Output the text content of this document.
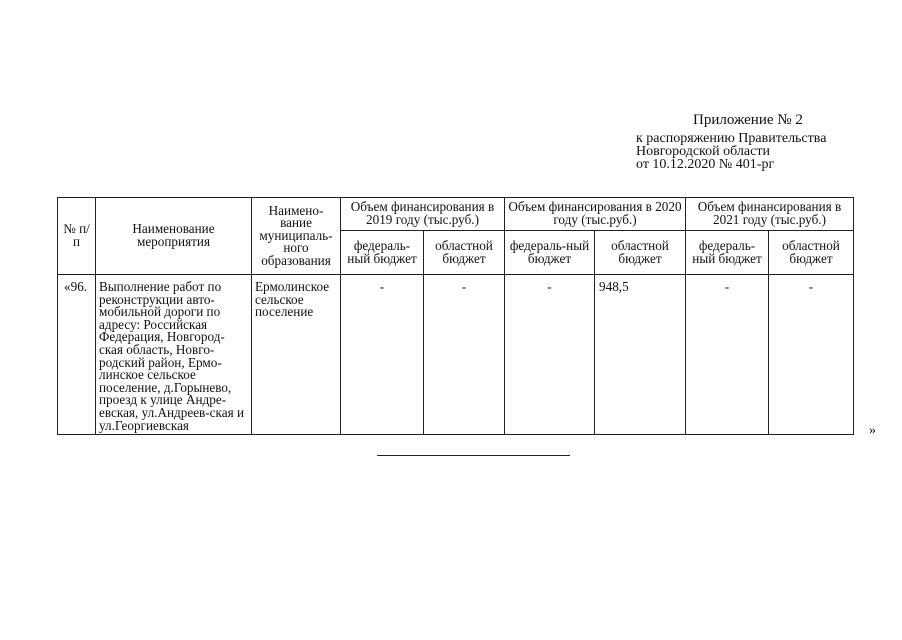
Приложение № 2
к распоряжению Правительства
Новгородской области
от 10.12.2020 № 401-рг
№ п/п	Наименование мероприятия	Наимено-вание муниципаль-ного образования	Объем финансирования в 2019 году (тыс.руб.)		Объем финансирования в 2020 году (тыс.руб.)		Объем финансирования в 2021 году (тыс.руб.)	
			федераль-ный бюджет	областной бюджет	федераль-ный бюджет	областной бюджет	федераль-ный бюджет	областной бюджет
«96.	Выполнение работ по реконструкции авто-мобильной дороги по адресу: Российская Федерация, Новгород-ская область, Новго-родский район, Ермо-линское сельское поселение, д.Горынево, проезд к улице Андре-евская, ул.Андреев-ская и ул.Георгиевская	Ермолинское сельское поселение	-	-	-	948,5	-	-
»
